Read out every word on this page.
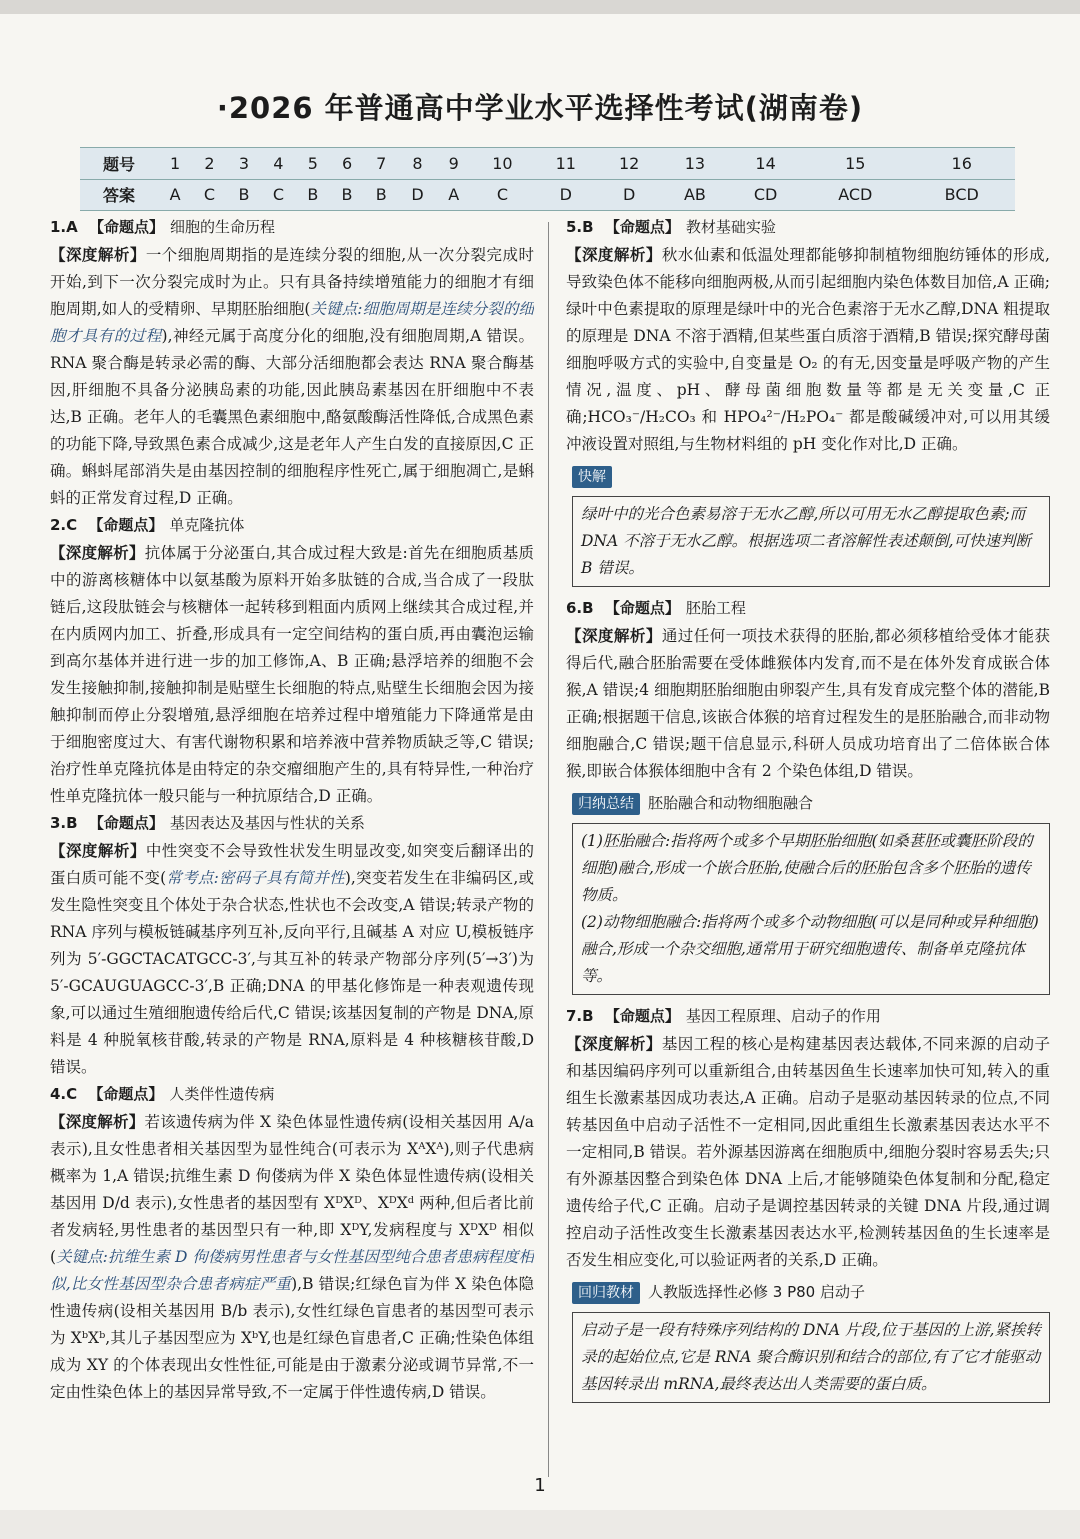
·2026 年普通高中学业水平选择性考试(湖南卷)
题号	1	2	3	4	5	6	7	8	9	10	11	12	13	14	15	16
答案	A	C	B	C	B	B	B	D	A	C	D	D	AB	CD	ACD	BCD
1.A 【命题点】 细胞的生命历程
【深度解析】一个细胞周期指的是连续分裂的细胞,从一次分裂完成时开始,到下一次分裂完成时为止。只有具备持续增殖能力的细胞才有细胞周期,如人的受精卵、早期胚胎细胞(关键点:细胞周期是连续分裂的细胞才具有的过程),神经元属于高度分化的细胞,没有细胞周期,A 错误。RNA 聚合酶是转录必需的酶、大部分活细胞都会表达 RNA 聚合酶基因,肝细胞不具备分泌胰岛素的功能,因此胰岛素基因在肝细胞中不表达,B 正确。老年人的毛囊黑色素细胞中,酪氨酸酶活性降低,合成黑色素的功能下降,导致黑色素合成减少,这是老年人产生白发的直接原因,C 正确。蝌蚪尾部消失是由基因控制的细胞程序性死亡,属于细胞凋亡,是蝌蚪的正常发育过程,D 正确。
2.C 【命题点】 单克隆抗体
【深度解析】抗体属于分泌蛋白,其合成过程大致是:首先在细胞质基质中的游离核糖体中以氨基酸为原料开始多肽链的合成,当合成了一段肽链后,这段肽链会与核糖体一起转移到粗面内质网上继续其合成过程,并在内质网内加工、折叠,形成具有一定空间结构的蛋白质,再由囊泡运输到高尔基体并进行进一步的加工修饰,A、B 正确;悬浮培养的细胞不会发生接触抑制,接触抑制是贴壁生长细胞的特点,贴壁生长细胞会因为接触抑制而停止分裂增殖,悬浮细胞在培养过程中增殖能力下降通常是由于细胞密度过大、有害代谢物积累和培养液中营养物质缺乏等,C 错误;治疗性单克隆抗体是由特定的杂交瘤细胞产生的,具有特异性,一种治疗性单克隆抗体一般只能与一种抗原结合,D 正确。
3.B 【命题点】 基因表达及基因与性状的关系
【深度解析】中性突变不会导致性状发生明显改变,如突变后翻译出的蛋白质可能不变(常考点:密码子具有简并性),突变若发生在非编码区,或发生隐性突变且个体处于杂合状态,性状也不会改变,A 错误;转录产物的 RNA 序列与模板链碱基序列互补,反向平行,且碱基 A 对应 U,模板链序列为 5′-GGCTACATGCC-3′,与其互补的转录产物部分序列(5′→3′)为 5′-GCAUGUAGCC-3′,B 正确;DNA 的甲基化修饰是一种表观遗传现象,可以通过生殖细胞遗传给后代,C 错误;该基因复制的产物是 DNA,原料是 4 种脱氧核苷酸,转录的产物是 RNA,原料是 4 种核糖核苷酸,D 错误。
4.C 【命题点】 人类伴性遗传病
【深度解析】若该遗传病为伴 X 染色体显性遗传病(设相关基因用 A/a 表示),且女性患者相关基因型为显性纯合(可表示为 XᴬXᴬ),则子代患病概率为 1,A 错误;抗维生素 D 佝偻病为伴 X 染色体显性遗传病(设相关基因用 D/d 表示),女性患者的基因型有 XᴰXᴰ、XᴰXᵈ 两种,但后者比前者发病轻,男性患者的基因型只有一种,即 XᴰY,发病程度与 XᴰXᴰ 相似(关键点:抗维生素 D 佝偻病男性患者与女性基因型纯合患者患病程度相似,比女性基因型杂合患者病症严重),B 错误;红绿色盲为伴 X 染色体隐性遗传病(设相关基因用 B/b 表示),女性红绿色盲患者的基因型可表示为 XᵇXᵇ,其儿子基因型应为 XᵇY,也是红绿色盲患者,C 正确;性染色体组成为 XY 的个体表现出女性性征,可能是由于激素分泌或调节异常,不一定由性染色体上的基因异常导致,不一定属于伴性遗传病,D 错误。
5.B 【命题点】 教材基础实验
【深度解析】秋水仙素和低温处理都能够抑制植物细胞纺锤体的形成,导致染色体不能移向细胞两极,从而引起细胞内染色体数目加倍,A 正确;绿叶中色素提取的原理是绿叶中的光合色素溶于无水乙醇,DNA 粗提取的原理是 DNA 不溶于酒精,但某些蛋白质溶于酒精,B 错误;探究酵母菌细胞呼吸方式的实验中,自变量是 O₂ 的有无,因变量是呼吸产物的产生情况,温度、pH、酵母菌细胞数量等都是无关变量,C 正确;HCO₃⁻/H₂CO₃ 和 HPO₄²⁻/H₂PO₄⁻ 都是酸碱缓冲对,可以用其缓冲液设置对照组,与生物材料组的 pH 变化作对比,D 正确。
快解
绿叶中的光合色素易溶于无水乙醇,所以可用无水乙醇提取色素;而 DNA 不溶于无水乙醇。根据选项二者溶解性表述颠倒,可快速判断 B 错误。
6.B 【命题点】 胚胎工程
【深度解析】通过任何一项技术获得的胚胎,都必须移植给受体才能获得后代,融合胚胎需要在受体雌猴体内发育,而不是在体外发育成嵌合体猴,A 错误;4 细胞期胚胎细胞由卵裂产生,具有发育成完整个体的潜能,B 正确;根据题干信息,该嵌合体猴的培育过程发生的是胚胎融合,而非动物细胞融合,C 错误;题干信息显示,科研人员成功培育出了二倍体嵌合体猴,即嵌合体猴体细胞中含有 2 个染色体组,D 错误。
归纳总结 胚胎融合和动物细胞融合
(1)胚胎融合:指将两个或多个早期胚胎细胞(如桑葚胚或囊胚阶段的细胞)融合,形成一个嵌合胚胎,使融合后的胚胎包含多个胚胎的遗传物质。
(2)动物细胞融合:指将两个或多个动物细胞(可以是同种或异种细胞)融合,形成一个杂交细胞,通常用于研究细胞遗传、制备单克隆抗体等。
7.B 【命题点】 基因工程原理、启动子的作用
【深度解析】基因工程的核心是构建基因表达载体,不同来源的启动子和基因编码序列可以重新组合,由转基因鱼生长速率加快可知,转入的重组生长激素基因成功表达,A 正确。启动子是驱动基因转录的位点,不同转基因鱼中启动子活性不一定相同,因此重组生长激素基因表达水平不一定相同,B 错误。若外源基因游离在细胞质中,细胞分裂时容易丢失;只有外源基因整合到染色体 DNA 上后,才能够随染色体复制和分配,稳定遗传给子代,C 正确。启动子是调控基因转录的关键 DNA 片段,通过调控启动子活性改变生长激素基因表达水平,检测转基因鱼的生长速率是否发生相应变化,可以验证两者的关系,D 正确。
回归教材 人教版选择性必修 3 P80 启动子
启动子是一段有特殊序列结构的 DNA 片段,位于基因的上游,紧挨转录的起始位点,它是 RNA 聚合酶识别和结合的部位,有了它才能驱动基因转录出 mRNA,最终表达出人类需要的蛋白质。
1
